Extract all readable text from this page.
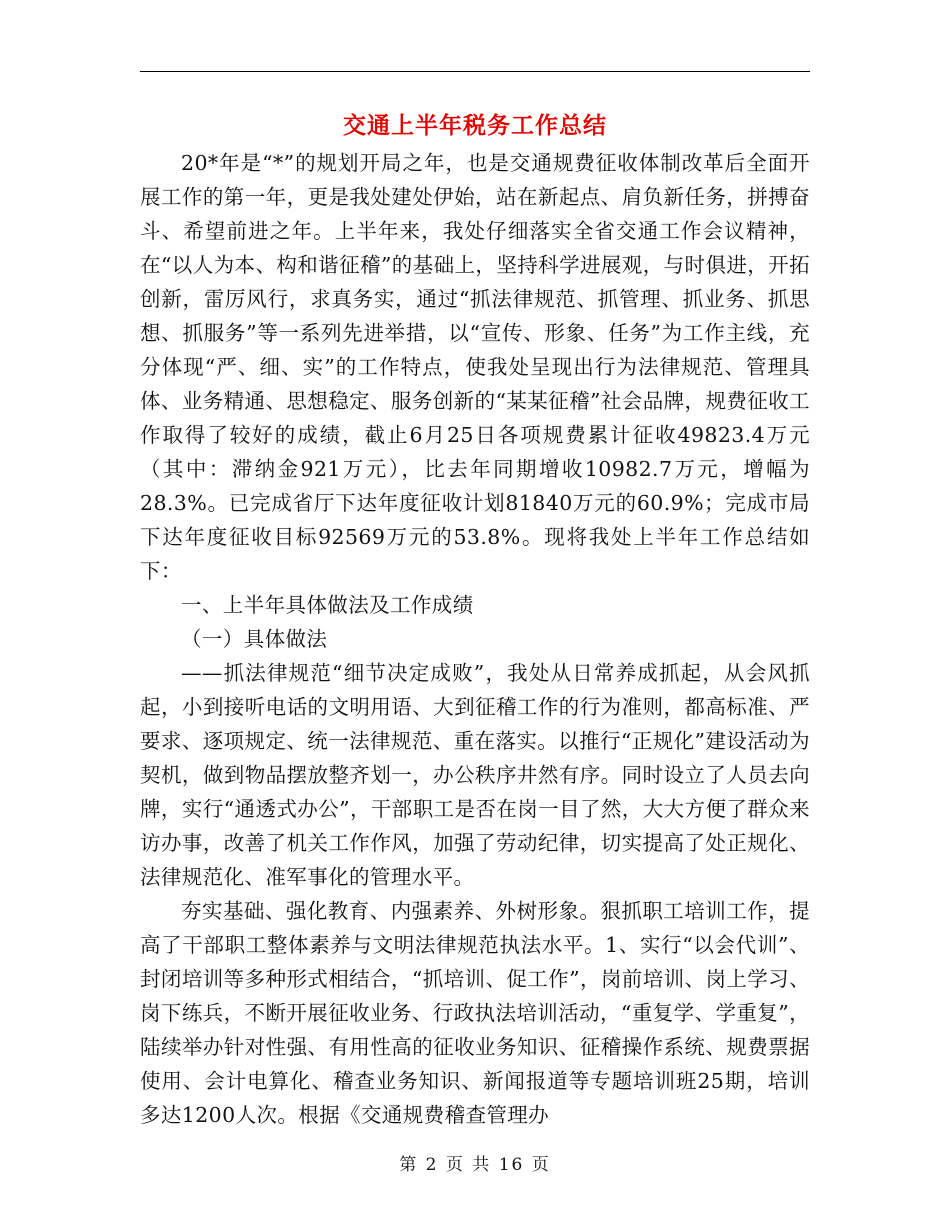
交通上半年税务工作总结

20*年是“*”的规划开局之年，也是交通规费征收体制改革后全面开展工作的第一年，更是我处建处伊始，站在新起点、肩负新任务，拼搏奋斗、希望前进之年。上半年来，我处仔细落实全省交通工作会议精神，在“以人为本、构和谐征稽”的基础上，坚持科学进展观，与时俱进，开拓创新，雷厉风行，求真务实，通过“抓法律规范、抓管理、抓业务、抓思想、抓服务”等一系列先进举措，以“宣传、形象、任务”为工作主线，充分体现“严、细、实”的工作特点，使我处呈现出行为法律规范、管理具体、业务精通、思想稳定、服务创新的“某某征稽”社会品牌，规费征收工作取得了较好的成绩，截止6月25日各项规费累计征收49823.4万元（其中：滞纳金921万元），比去年同期增收10982.7万元，增幅为28.3%。已完成省厅下达年度征收计划81840万元的60.9%；完成市局下达年度征收目标92569万元的53.8%。现将我处上半年工作总结如下：

一、上半年具体做法及工作成绩

（一）具体做法

——抓法律规范“细节决定成败”，我处从日常养成抓起，从会风抓起，小到接听电话的文明用语、大到征稽工作的行为准则，都高标准、严要求、逐项规定、统一法律规范、重在落实。以推行“正规化”建设活动为契机，做到物品摆放整齐划一，办公秩序井然有序。同时设立了人员去向牌，实行“通透式办公”，干部职工是否在岗一目了然，大大方便了群众来访办事，改善了机关工作作风，加强了劳动纪律，切实提高了处正规化、法律规范化、准军事化的管理水平。

夯实基础、强化教育、内强素养、外树形象。狠抓职工培训工作，提高了干部职工整体素养与文明法律规范执法水平。1、实行“以会代训”、封闭培训等多种形式相结合，“抓培训、促工作”，岗前培训、岗上学习、岗下练兵，不断开展征收业务、行政执法培训活动，“重复学、学重复”，陆续举办针对性强、有用性高的征收业务知识、征稽操作系统、规费票据使用、会计电算化、稽查业务知识、新闻报道等专题培训班25期，培训多达1200人次。根据《交通规费稽查管理办

第 2 页 共 16 页
